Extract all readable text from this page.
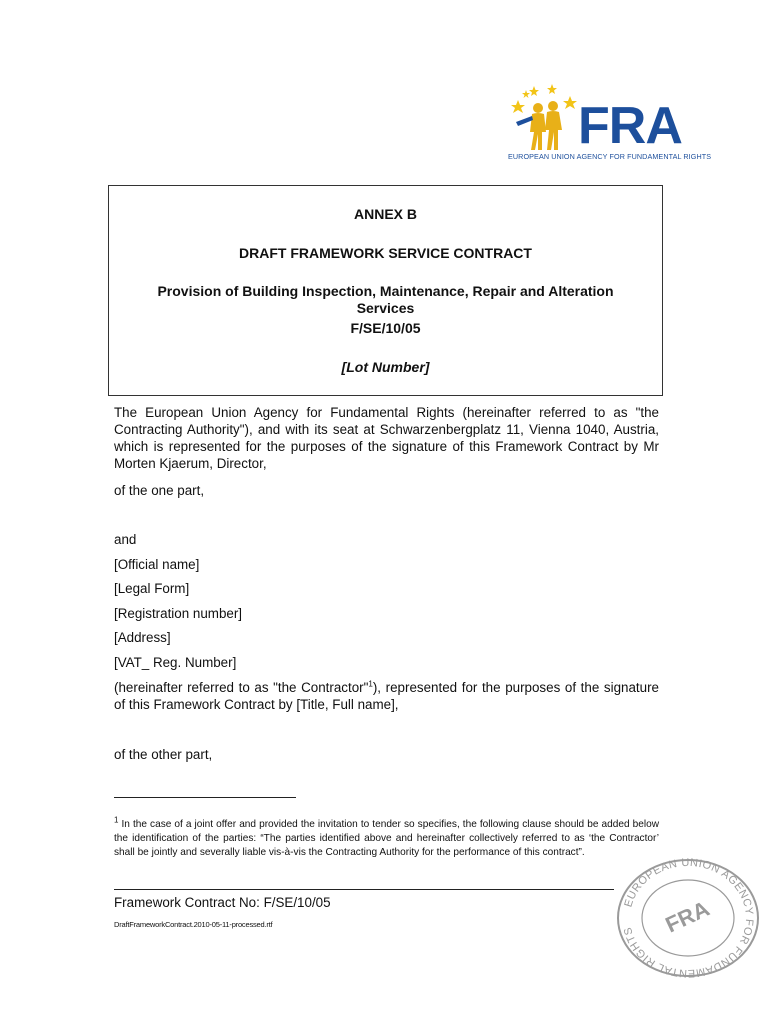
FRA
EUROPEAN UNION AGENCY FOR FUNDAMENTAL RIGHTS
ANNEX B
DRAFT FRAMEWORK SERVICE CONTRACT
Provision of Building Inspection, Maintenance, Repair and Alteration
Services
F/SE/10/05
[Lot Number]
The European Union Agency for Fundamental Rights (hereinafter referred to as "the Contracting Authority"), and with its seat at Schwarzenbergplatz 11, Vienna 1040, Austria, which is represented for the purposes of the signature of this Framework Contract by Mr Morten Kjaerum, Director,
of the one part,
and
[Official name]
[Legal Form]
[Registration number]
[Address]
[VAT_ Reg. Number]
(hereinafter referred to as "the Contractor"$^1$), represented for the purposes of the signature of this Framework Contract by [Title, Full name],
of the other part,
$^1$ In the case of a joint offer and provided the invitation to tender so specifies, the following clause should be added below the identification of the parties: “The parties identified above and hereinafter collectively referred to as ‘the Contractor’ shall be jointly and severally liable vis-à-vis the Contracting Authority for the performance of this contract”.
Framework Contract No: F/SE/10/05
DraftFrameworkContract.2010-05-11-processed.rtf
EUROPEAN UNION AGENCY FOR FUNDAMENTAL RIGHTS	FRA
